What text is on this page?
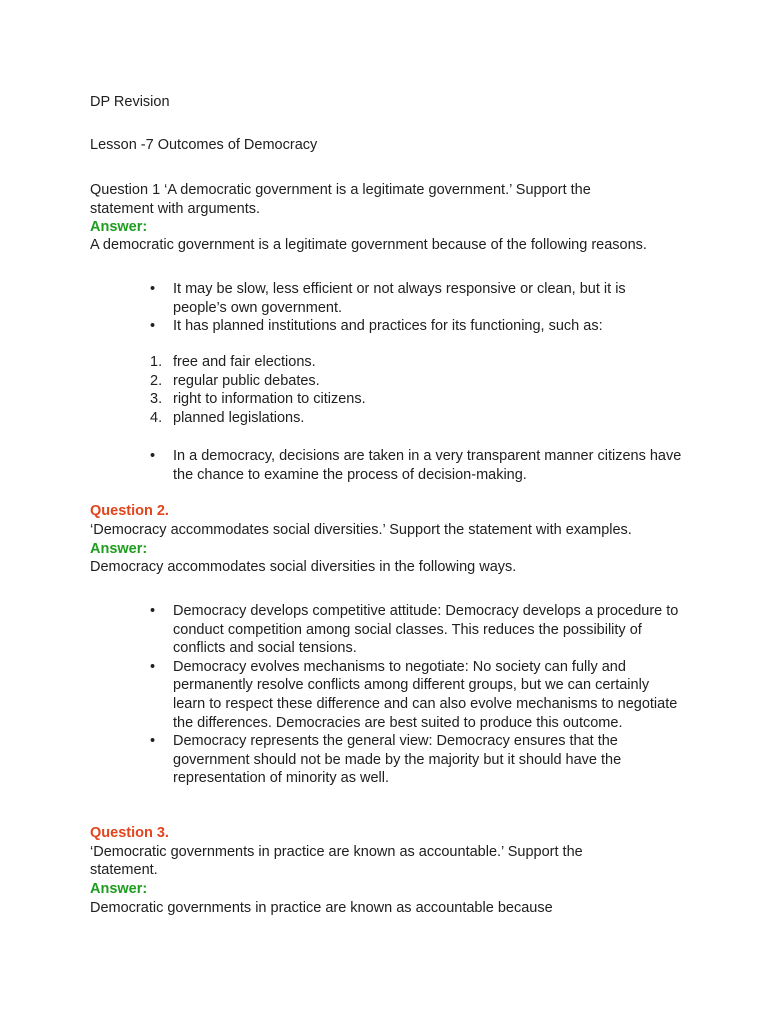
DP Revision
Lesson -7 Outcomes of Democracy
Question 1 ‘A democratic government is a legitimate government.’ Support the
statement with arguments.
Answer:
A democratic government is a legitimate government because of the following reasons.
•	It may be slow, less efficient or not always responsive or clean, but it is people’s own government.
•	It has planned institutions and practices for its functioning, such as:
1. free and fair elections.
2. regular public debates.
3. right to information to citizens.
4. planned legislations.
•	In a democracy, decisions are taken in a very transparent manner citizens have the chance to examine the process of decision-making.
Question 2.
‘Democracy accommodates social diversities.’ Support the statement with examples.
Answer:
Democracy accommodates social diversities in the following ways.
•	Democracy develops competitive attitude: Democracy develops a procedure to conduct competition among social classes. This reduces the possibility of conflicts and social tensions.
•	Democracy evolves mechanisms to negotiate: No society can fully and permanently resolve conflicts among different groups, but we can certainly learn to respect these difference and can also evolve mechanisms to negotiate the differences. Democracies are best suited to produce this outcome.
•	Democracy represents the general view: Democracy ensures that the government should not be made by the majority but it should have the representation of minority as well.
Question 3.
‘Democratic governments in practice are known as accountable.’ Support the
statement.
Answer:
Democratic governments in practice are known as accountable because
